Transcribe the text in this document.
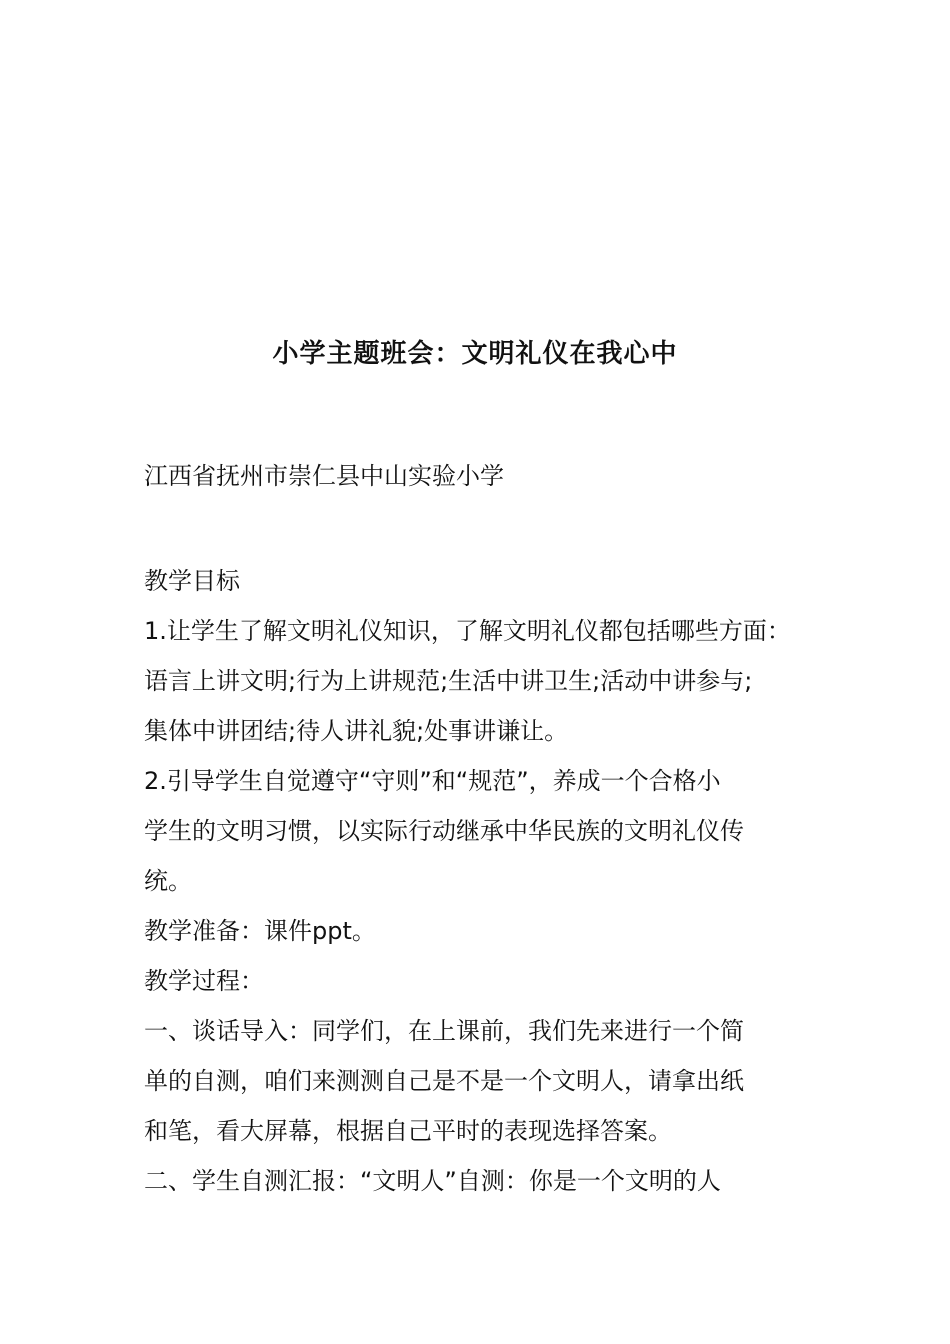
小学主题班会：文明礼仪在我心中
江西省抚州市崇仁县中山实验小学
教学目标
1.让学生了解文明礼仪知识，了解文明礼仪都包括哪些方面：
语言上讲文明;行为上讲规范;生活中讲卫生;活动中讲参与;
集体中讲团结;待人讲礼貌;处事讲谦让。
2.引导学生自觉遵守“守则”和“规范”，养成一个合格小
学生的文明习惯，以实际行动继承中华民族的文明礼仪传
统。
教学准备：课件ppt。
教学过程：
一、谈话导入：同学们，在上课前，我们先来进行一个简
单的自测，咱们来测测自己是不是一个文明人，请拿出纸
和笔，看大屏幕，根据自己平时的表现选择答案。
二、学生自测汇报：“文明人”自测：你是一个文明的人
